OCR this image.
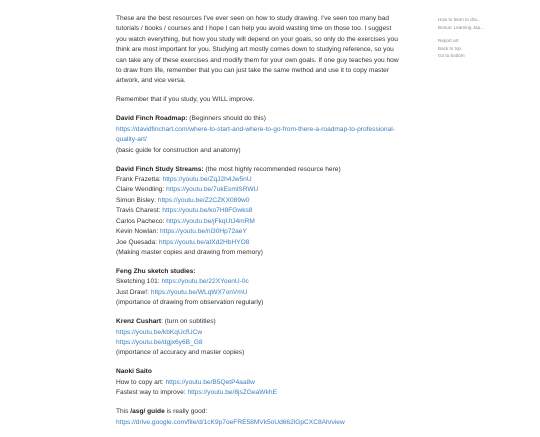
These are the best resources I've ever seen on how to study drawing. I've seen too many bad
tutorials / books / courses and I hope I can help you avoid wasting time on those too. I suggest
you watch everything, but how you study will depend on your goals, so only do the exercises you
think are most important for you. Studying art mostly comes down to studying reference, so you
can take any of these exercises and modify them for your own goals. If one guy teaches you how
to draw from life, remember that you can just take the same method and use it to copy master
artwork, and vice versa.
Remember that if you study, you WILL improve.
David Finch Roadmap: (Beginners should do this)
https://davidfinchart.com/where-to-start-and-where-to-go-from-there-a-roadmap-to-professional-
quality-art/
(basic guide for construction and anatomy)
David Finch Study Streams: (the most highly recommended resource here)
Frank Frazetta: https://youtu.be/ZqJ2h4Jw5nU
Claire Wendling: https://youtu.be/7ukEsmlSRWU
Simon Bisley: https://youtu.be/Z2CZKX089w0
Travis Charest: https://youtu.be/ko7H8FGwks8
Carlos Pacheco: https://youtu.be/jFkqUtJ4mRM
Kevin Nowlan: https://youtu.be/ni30Hp72aeY
Joe Quesada: https://youtu.be/atXd2HbHYO8
(Making master copies and drawing from memory)
Feng Zhu sketch studies:
Sketching 101: https://youtu.be/22XYoenU-0c
Just Draw!: https://youtu.be/WLqWX7onVmU
(importance of drawing from observation regularly)
Krenz Cushart: (turn on subtitles)
https://youtu.be/kbKqUcfUCw
https://youtu.be/dgjx6y6B_G8
(importance of accuracy and master copies)
Naoki Saito
How to copy art: https://youtu.be/B5QetP4aa8w
Fastest way to improve: https://youtu.be/8jsZGeaWkhE
This /asg/ guide is really good:
https://drive.google.com/file/d/1cK9p7oeFRE58MVk5oUd662lGpCXC8Ah/view
How to learn to dra...
Bonus: Learning Jap...
Report art
Back to top
Go to bottom
